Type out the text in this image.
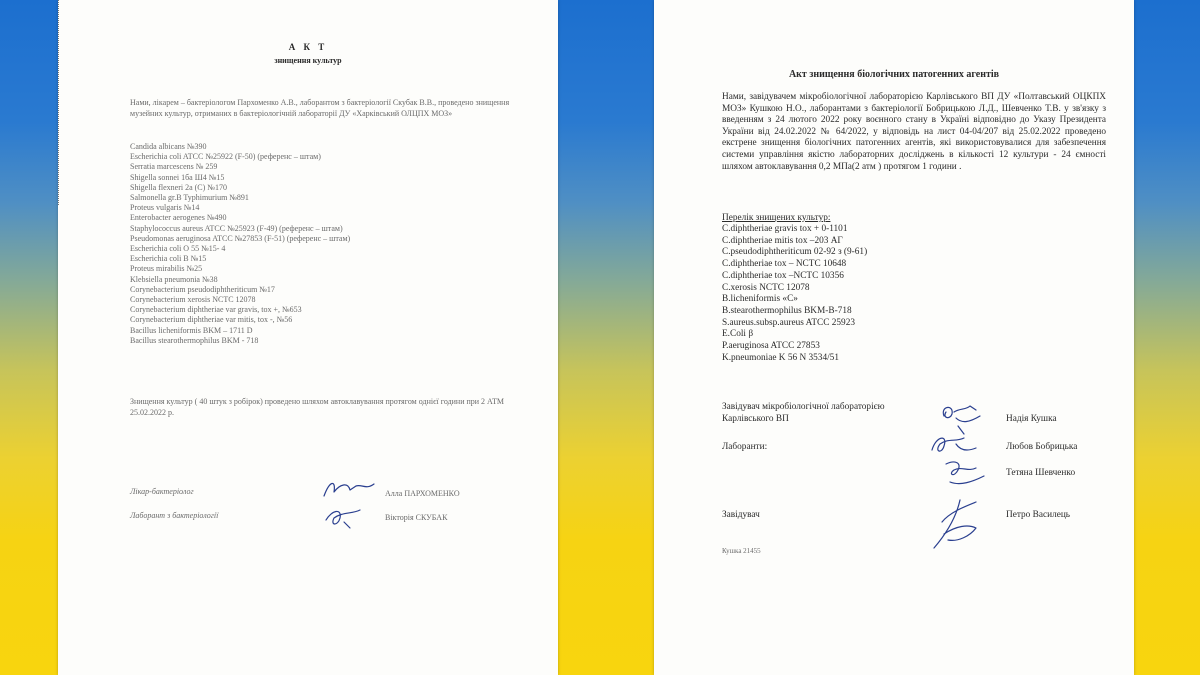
А К Т
знищення культур
Нами, лікарем – бактеріологом Пархоменко А.В., лаборантом з бактеріології Скубак В.В., проведено знищення музейних культур, отриманих в бактеріологічній лабораторії ДУ «Харківський ОЛЦПХ МОЗ»
Candida albicans №390
Escherichia coli ATCC №25922 (F-50) (референс – штам)
Serratia marcescens № 259
Shigella sonnei 1ба Ш4 №15
Shigella flexneri 2а (С) №170
Salmonella gr.B Typhimurium №891
Proteus vulgaris №14
Enterobacter aerogenes №490
Staphylococcus aureus ATCC №25923 (F-49) (референс – штам)
Pseudomonas aeruginosa ATCC №27853 (F-51) (референс – штам)
Escherichia coli O 55 №15- 4
Escherichia coli В №15
Proteus mirabilis №25
Klebsiella pneumonia №38
Corynebacterium pseudodiphtheriticum №17
Corynebacterium xerosis NCTC 12078
Corynebacterium diphtheriae var gravis, tox +, №653
Corynebacterium diphtheriae var mitis, tox -, №56
Bacillus licheniformis BKM – 1711 D
Bacillus stearothermophilus BKM - 718
Знищення культур ( 40 штук з робірок) проведено шляхом автоклавування протягом однієї години при 2 АТМ 25.02.2022 р.
Лікар-бактеріолог	Алла ПАРХОМЕНКО
Лаборант з бактеріології	Вікторія СКУБАК
Акт знищення біологічних патогенних агентів
Нами, завідувачем мікробіологічної лабораторією Карлівського ВП ДУ «Полтавський ОЦКПХ МОЗ» Кушкою Н.О., лаборантами з бактеріології Бобрицькою Л.Д., Шевченко Т.В. у зв'язку з введенням з 24 лютого 2022 року воєнного стану в Україні відповідно до Указу Президента України від 24.02.2022 № 64/2022, у відповідь на лист 04-04/207 від 25.02.2022 проведено екстрене знищення біологічних патогенних агентів, які використовувалися для забезпечення системи управління якістю лабораторних досліджень в кількості 12 культури - 24 ємності шляхом автоклавування 0,2 МПа(2 атм ) протягом 1 години .
Перелік знищених культур:
C.diphtheriae gravis tox + 0-1101
C.diphtheriae mitis tox –203 АГ
C.pseudodiphtheriticum 02-92 з (9-61)
C.diphtheriae tox – NCTC 10648
C.diphtheriae tox –NCTC 10356
C.xerosis NCTC 12078
B.licheniformis «C»
B.stearothermophilus BKM-B-718
S.aureus.subsp.aureus ATCC 25923
E.Coli β
P.aeruginosa ATCC 27853
K.pneumoniae K 56 N 3534/51
Завідувач мікробіологічної лабораторією
Карлівського ВП	Надія Кушка
Лаборанти:	Любов Бобрицька
Тетяна Шевченко
Завідувач	Петро Василець
Кушка 21455
